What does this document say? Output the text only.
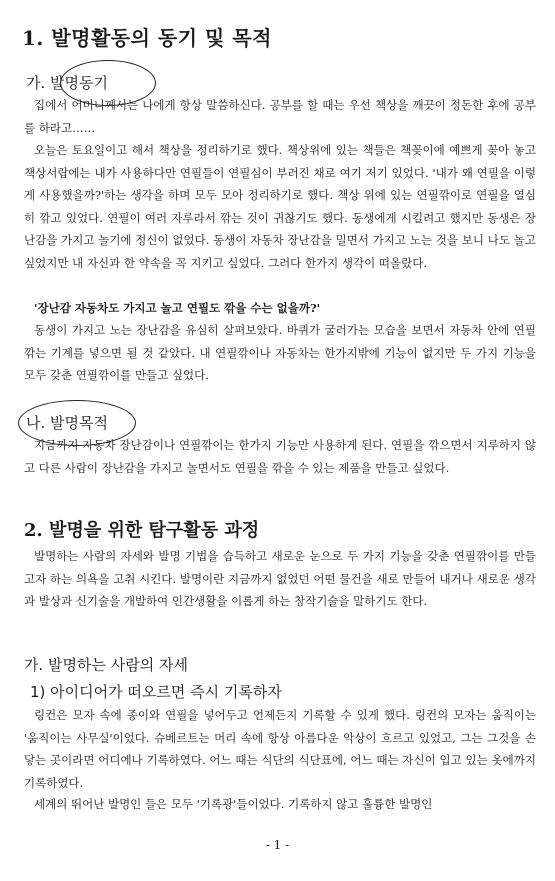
1. 발명활동의 동기 및 목적
가. 발명동기
집에서 어머니께서는 나에게 항상 말씀하신다. 공부를 할 때는 우선 책상을 깨끗이 정돈한 후에 공부를 하라고……
오늘은 토요일이고 해서 책상을 정리하기로 했다. 책상위에 있는 책들은 책꽂이에 예쁘게 꽂아 놓고 책상서랍에는 내가 사용하다만 연필들이 연필심이 부러진 채로 여기 저기 있었다. '내가 왜 연필을 이렇게 사용했을까?'하는 생각을 하며 모두 모아 정리하기로 했다. 책상 위에 있는 연필깎이로 연필을 열심히 깎고 있었다. 연필이 여러 자루라서 깎는 것이 귀찮기도 했다. 동생에게 시킬려고 했지만 동생은 장난감을 가지고 놀기에 정신이 없었다. 동생이 자동차 장난감을 밀면서 가지고 노는 것을 보니 나도 놀고 싶었지만 내 자신과 한 약속을 꼭 지키고 싶었다. 그러다 한가지 생각이 떠올랐다.
'장난감 자동차도 가지고 놀고 연필도 깎을 수는 없을까?'
동생이 가지고 노는 장난감을 유심히 살펴보았다. 바퀴가 굴러가는 모습을 보면서 자동차 안에 연필깎는 기계를 넣으면 될 것 같았다. 내 연필깎이나 자동차는 한가지밖에 기능이 없지만 두 가지 기능을 모두 갖춘 연필깎이를 만들고 싶었다.
나. 발명목적
지금까지 자동차 장난감이나 연필깎이는 한가지 기능만 사용하게 된다. 연필을 깎으면서 지루하지 않고 다른 사람이 장난감을 가지고 놀면서도 연필을 깎을 수 있는 제품을 만들고 싶었다.
2. 발명을 위한 탐구활동 과정
발명하는 사람의 자세와 발명 기법을 습득하고 새로운 눈으로 두 가지 기능을 갖춘 연필깎이를 만들고자 하는 의욕을 고취 시킨다. 발명이란 지금까지 없었던 어떤 물건을 새로 만들어 내거나 새로운 생각과 발상과 신기술을 개발하여 인간생활을 이롭게 하는 창작기술을 말하기도 한다.
가. 발명하는 사람의 자세
1) 아이디어가 떠오르면 즉시 기록하자
링컨은 모자 속에 종이와 연필을 넣어두고 언제든지 기록할 수 있게 했다. 링컨의 모자는 움직이는 '움직이는 사무실'이었다. 슈베르트는 머리 속에 항상 아름다운 악상이 흐르고 있었고, 그는 그것을 손닿는 곳이라면 어디에나 기록하였다. 어느 때는 식단의 식단표에, 어느 때는 자신이 입고 있는 옷에까지 기록하였다.
세계의 뛰어난 발명인 들은 모두 '기록광'들이었다. 기록하지 않고 훌륭한 발명인
- 1 -
